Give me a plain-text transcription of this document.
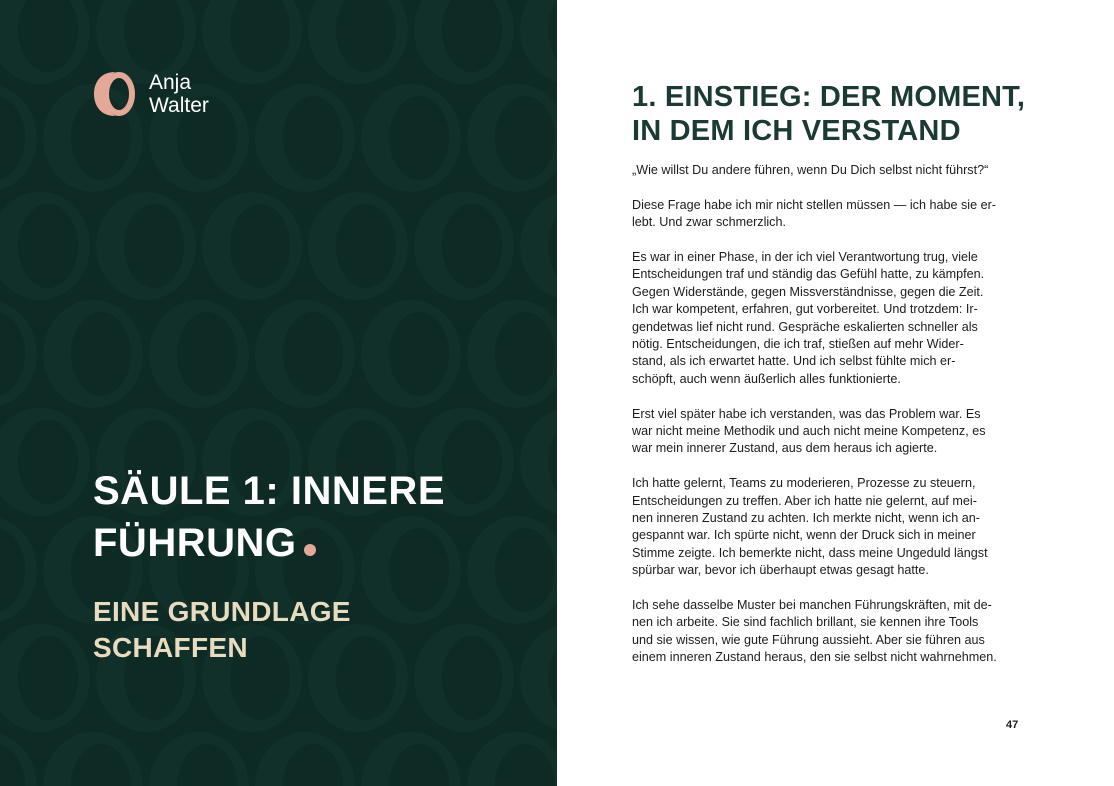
Anja
Walter
SÄULE 1: INNERE
FÜHRUNG
EINE GRUNDLAGE
SCHAFFEN
1. EINSTIEG: DER MOMENT,
IN DEM ICH VERSTAND

„Wie willst Du andere führen, wenn Du Dich selbst nicht führst?“

Diese Frage habe ich mir nicht stellen müssen — ich habe sie er-
lebt. Und zwar schmerzlich.

Es war in einer Phase, in der ich viel Verantwortung trug, viele
Entscheidungen traf und ständig das Gefühl hatte, zu kämpfen.
Gegen Widerstände, gegen Missverständnisse, gegen die Zeit.
Ich war kompetent, erfahren, gut vorbereitet. Und trotzdem: Ir-
gendetwas lief nicht rund. Gespräche eskalierten schneller als
nötig. Entscheidungen, die ich traf, stießen auf mehr Wider-
stand, als ich erwartet hatte. Und ich selbst fühlte mich er-
schöpft, auch wenn äußerlich alles funktionierte.

Erst viel später habe ich verstanden, was das Problem war. Es
war nicht meine Methodik und auch nicht meine Kompetenz, es
war mein innerer Zustand, aus dem heraus ich agierte.

Ich hatte gelernt, Teams zu moderieren, Prozesse zu steuern,
Entscheidungen zu treffen. Aber ich hatte nie gelernt, auf mei-
nen inneren Zustand zu achten. Ich merkte nicht, wenn ich an-
gespannt war. Ich spürte nicht, wenn der Druck sich in meiner
Stimme zeigte. Ich bemerkte nicht, dass meine Ungeduld längst
spürbar war, bevor ich überhaupt etwas gesagt hatte.

Ich sehe dasselbe Muster bei manchen Führungskräften, mit de-
nen ich arbeite. Sie sind fachlich brillant, sie kennen ihre Tools
und sie wissen, wie gute Führung aussieht. Aber sie führen aus
einem inneren Zustand heraus, den sie selbst nicht wahrnehmen.

47
